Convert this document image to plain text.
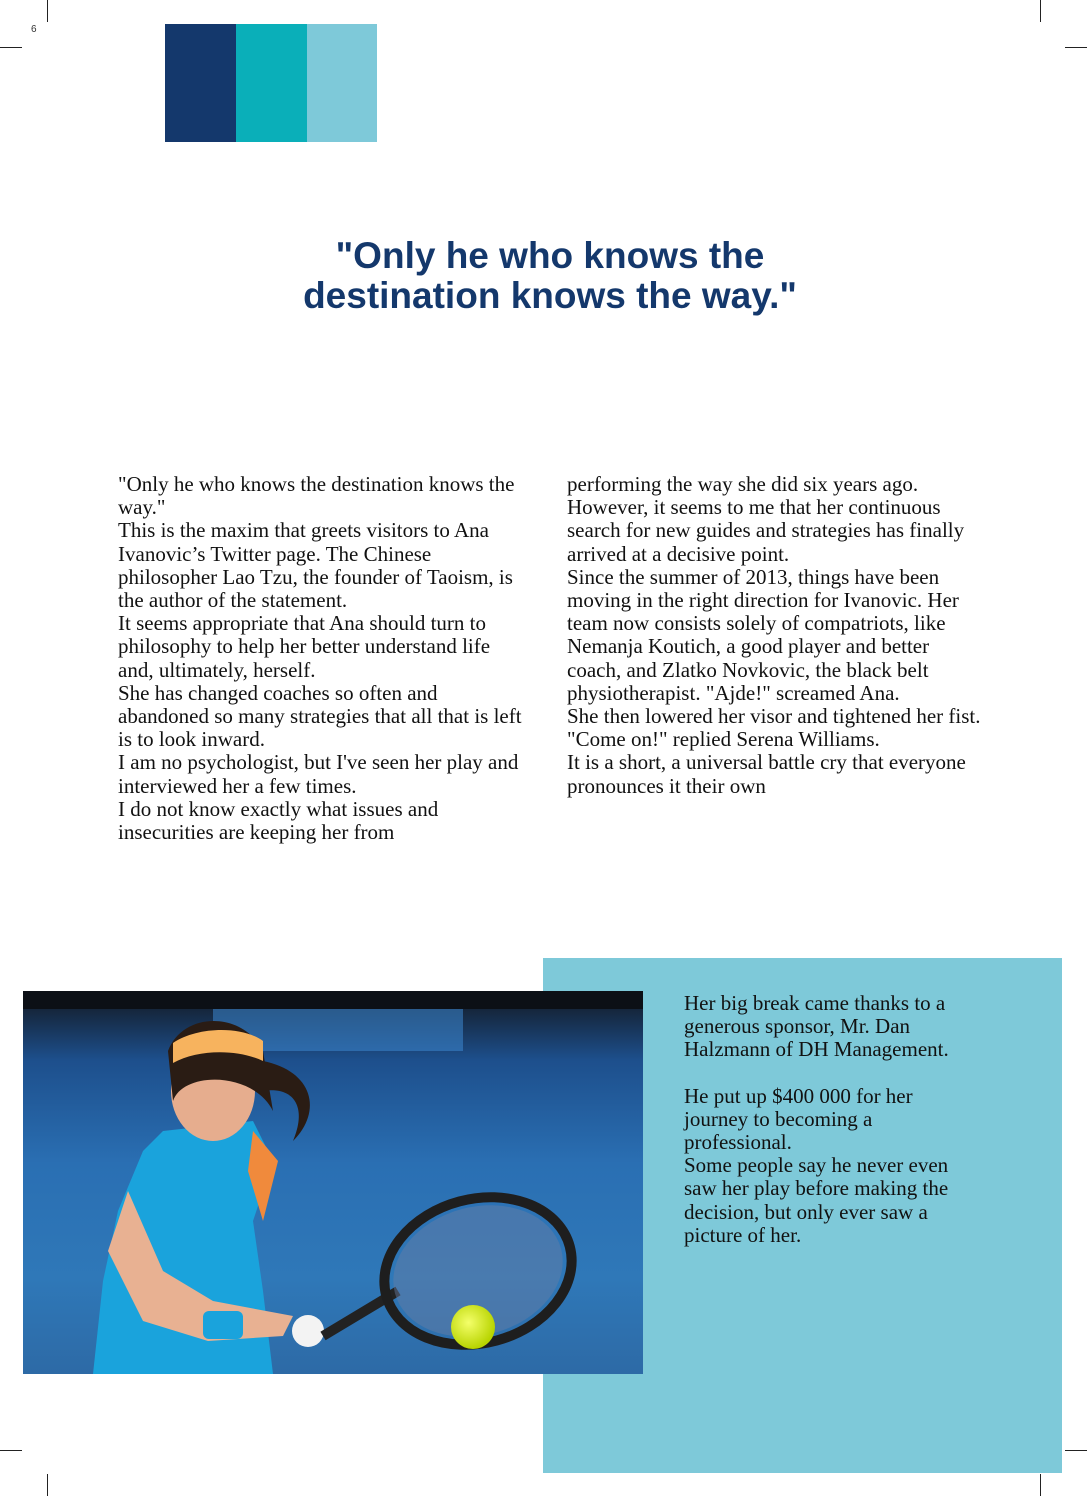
6
"Only he who knows the
destination knows the way."

"Only he who knows the destination knows the way."

This is the maxim that greets visitors to Ana Ivanovic’s Twitter page. The Chinese philosopher Lao Tzu, the founder of Taoism, is the author of the statement.

It seems appropriate that Ana should turn to philosophy to help her better understand life and, ultimately, herself.

She has changed coaches so often and abandoned so many strategies that all that is left is to look inward.

I am no psychologist, but I've seen her play and interviewed her a few times.

I do not know exactly what issues and insecurities are keeping her from

performing the way she did six years ago.

However, it seems to me that her continuous search for new guides and strategies has finally arrived at a decisive point.

Since the summer of 2013, things have been moving in the right direction for Ivanovic. Her team now consists solely of compatriots, like Nemanja Koutich, a good player and better coach, and Zlatko Novkovic, the black belt physiotherapist. "Ajde!" screamed Ana.

She then lowered her visor and tightened her fist. "Come on!" replied Serena Williams.

It is a short, a universal battle cry that everyone pronounces it their own

Her big break came thanks to a generous sponsor, Mr. Dan Halzmann of DH Management.

He put up $400 000 for her journey to becoming a professional.

Some people say he never even saw her play before making the decision, but only ever saw a picture of her.
